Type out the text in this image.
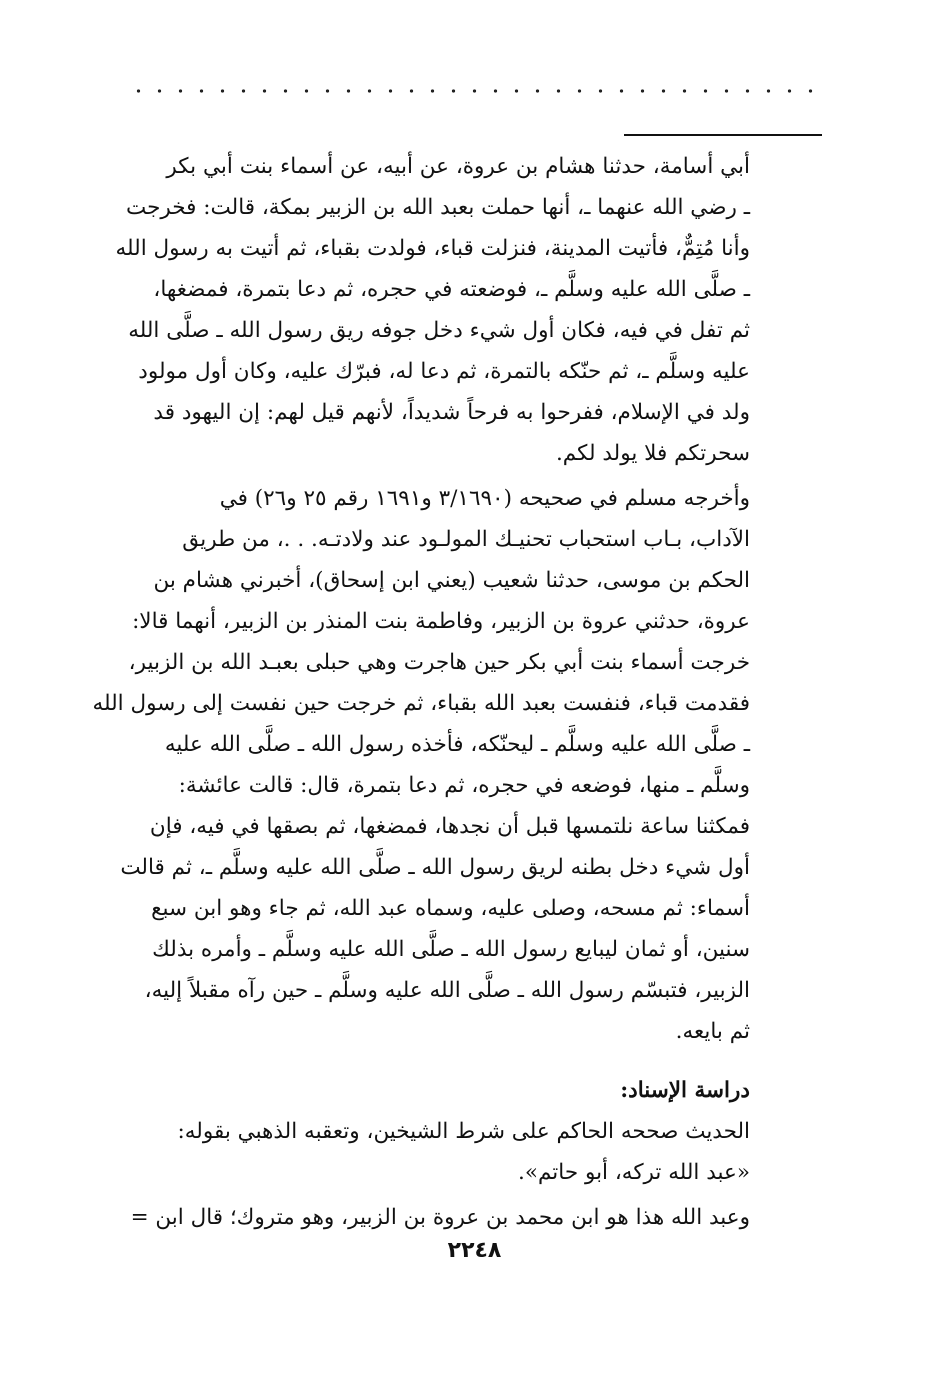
أبي أسامة، حدثنا هشام بن عروة، عن أبيه، عن أسماء بنت أبي بكر
ـ رضي الله عنهما ـ، أنها حملت بعبد الله بن الزبير بمكة، قالت: فخرجت
وأنا مُتِمٌّ، فأتيت المدينة، فنزلت قباء، فولدت بقباء، ثم أتيت به رسول الله
ـ صلَّى الله عليه وسلَّم ـ، فوضعته في حجره، ثم دعا بتمرة، فمضغها،
ثم تفل في فيه، فكان أول شيء دخل جوفه ريق رسول الله ـ صلَّى الله
عليه وسلَّم ـ، ثم حنّكه بالتمرة، ثم دعا له، فبرّك عليه، وكان أول مولود
ولد في الإسلام، ففرحوا به فرحاً شديداً، لأنهم قيل لهم: إن اليهود قد
سحرتكم فلا يولد لكم.
وأخرجه مسلم في صحيحه (٣/١٦٩٠ و١٦٩١ رقم ٢٥ و٢٦) في
الآداب، بـاب استحباب تحنيـك المولـود عند ولادتـه. . .، من طريق
الحكم بن موسى، حدثنا شعيب (يعني ابن إسحاق)، أخبرني هشام بن
عروة، حدثني عروة بن الزبير، وفاطمة بنت المنذر بن الزبير، أنهما قالا:
خرجت أسماء بنت أبي بكر حين هاجرت وهي حبلى بعبـد الله بن الزبير،
فقدمت قباء، فنفست بعبد الله بقباء، ثم خرجت حين نفست إلى رسول الله
ـ صلَّى الله عليه وسلَّم ـ ليحنّكه، فأخذه رسول الله ـ صلَّى الله عليه
وسلَّم ـ منها، فوضعه في حجره، ثم دعا بتمرة، قال: قالت عائشة:
فمكثنا ساعة نلتمسها قبل أن نجدها، فمضغها، ثم بصقها في فيه، فإن
أول شيء دخل بطنه لريق رسول الله ـ صلَّى الله عليه وسلَّم ـ، ثم قالت
أسماء: ثم مسحه، وصلى عليه، وسماه عبد الله، ثم جاء وهو ابن سبع
سنين، أو ثمان ليبايع رسول الله ـ صلَّى الله عليه وسلَّم ـ وأمره بذلك
الزبير، فتبسّم رسول الله ـ صلَّى الله عليه وسلَّم ـ حين رآه مقبلاً إليه،
ثم بايعه.
دراسة الإسناد:
الحديث صححه الحاكم على شرط الشيخين، وتعقبه الذهبي بقوله:
«عبد الله تركه، أبو حاتم».
وعبد الله هذا هو ابن محمد بن عروة بن الزبير، وهو متروك؛ قال ابن =
٢٢٤٨
